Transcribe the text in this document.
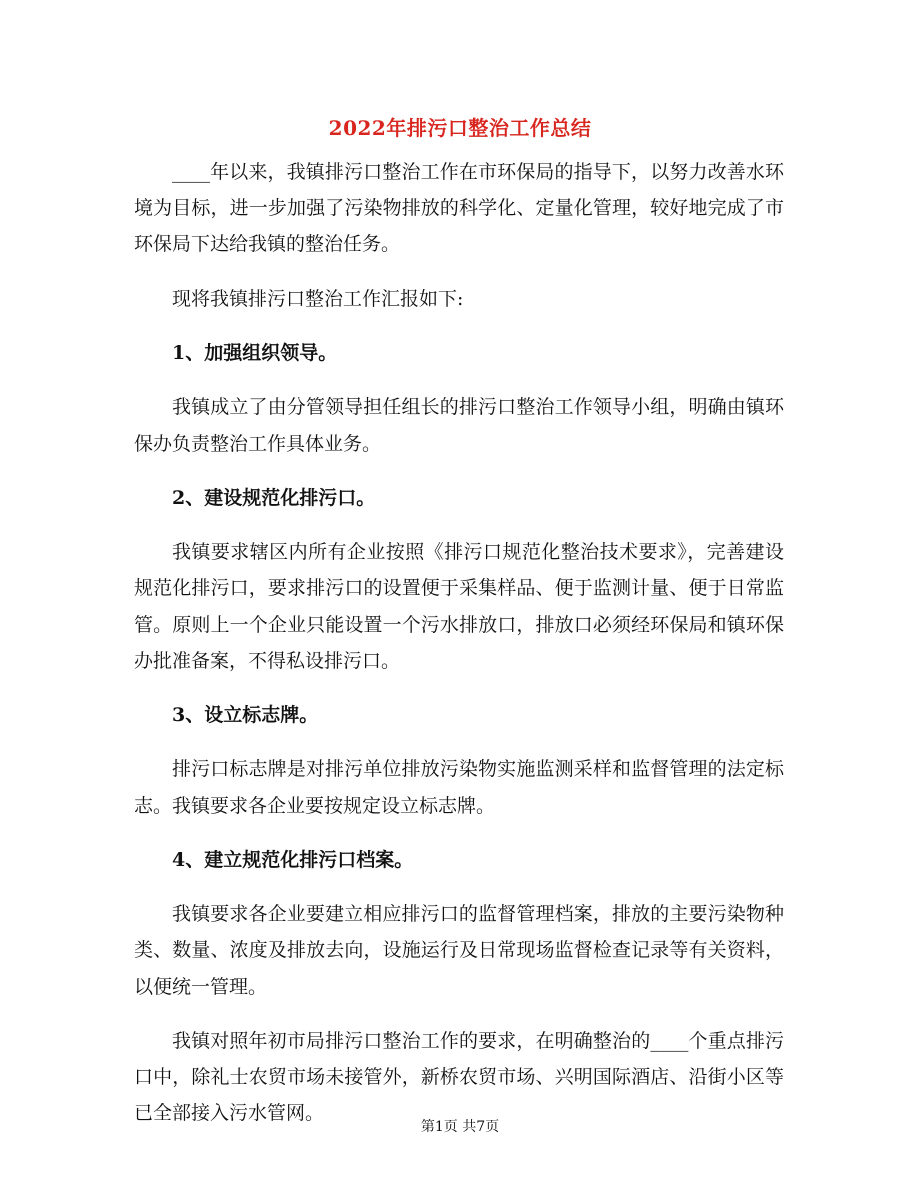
2022年排污口整治工作总结

____年以来，我镇排污口整治工作在市环保局的指导下，以努力改善水环境为目标，进一步加强了污染物排放的科学化、定量化管理，较好地完成了市环保局下达给我镇的整治任务。

现将我镇排污口整治工作汇报如下:

1、加强组织领导。

我镇成立了由分管领导担任组长的排污口整治工作领导小组，明确由镇环保办负责整治工作具体业务。

2、建设规范化排污口。

我镇要求辖区内所有企业按照《排污口规范化整治技术要求》，完善建设规范化排污口，要求排污口的设置便于采集样品、便于监测计量、便于日常监管。原则上一个企业只能设置一个污水排放口，排放口必须经环保局和镇环保办批准备案，不得私设排污口。

3、设立标志牌。

排污口标志牌是对排污单位排放污染物实施监测采样和监督管理的法定标志。我镇要求各企业要按规定设立标志牌。

4、建立规范化排污口档案。

我镇要求各企业要建立相应排污口的监督管理档案，排放的主要污染物种类、数量、浓度及排放去向，设施运行及日常现场监督检查记录等有关资料，以便统一管理。

我镇对照年初市局排污口整治工作的要求，在明确整治的____个重点排污口中，除礼士农贸市场未接管外，新桥农贸市场、兴明国际酒店、沿街小区等已全部接入污水管网。

第1页 共7页
